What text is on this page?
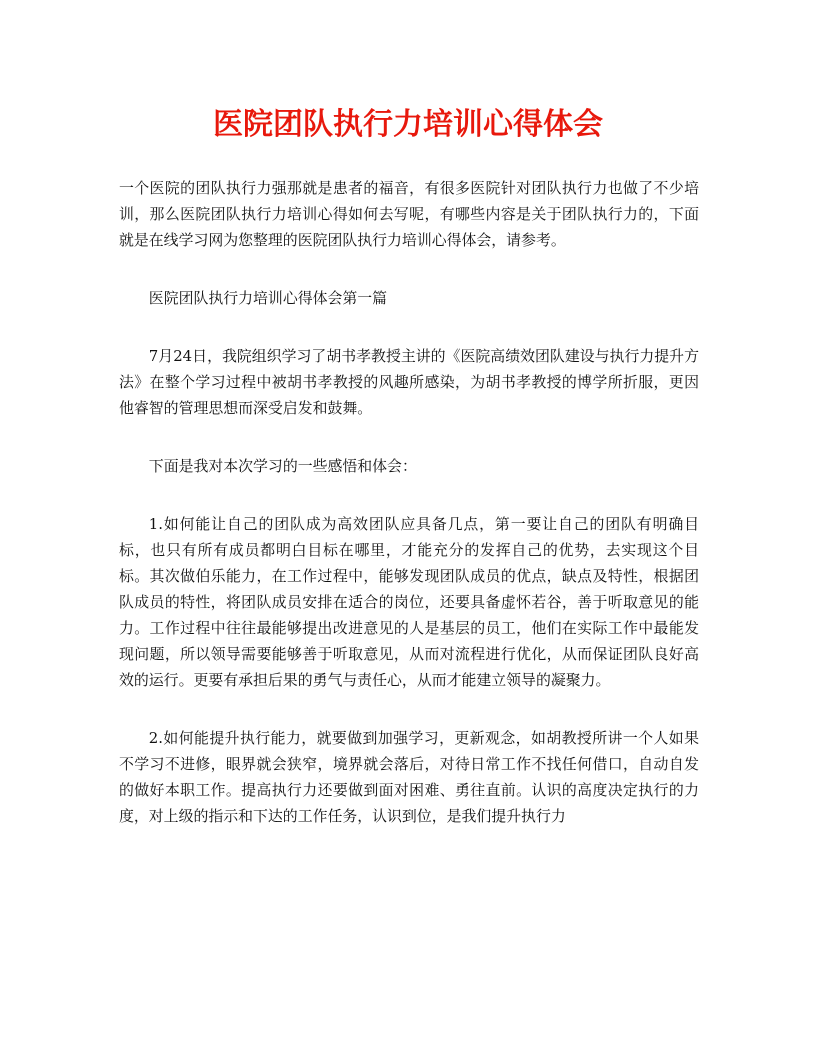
医院团队执行力培训心得体会

一个医院的团队执行力强那就是患者的福音，有很多医院针对团队执行力也做了不少培训，那么医院团队执行力培训心得如何去写呢，有哪些内容是关于团队执行力的，下面就是在线学习网为您整理的医院团队执行力培训心得体会，请参考。

医院团队执行力培训心得体会第一篇

7月24日，我院组织学习了胡书孝教授主讲的《医院高绩效团队建设与执行力提升方法》在整个学习过程中被胡书孝教授的风趣所感染，为胡书孝教授的博学所折服，更因他睿智的管理思想而深受启发和鼓舞。

下面是我对本次学习的一些感悟和体会：

1.如何能让自己的团队成为高效团队应具备几点，第一要让自己的团队有明确目标，也只有所有成员都明白目标在哪里，才能充分的发挥自己的优势，去实现这个目标。其次做伯乐能力，在工作过程中，能够发现团队成员的优点，缺点及特性，根据团队成员的特性，将团队成员安排在适合的岗位，还要具备虚怀若谷，善于听取意见的能力。工作过程中往往最能够提出改进意见的人是基层的员工，他们在实际工作中最能发现问题，所以领导需要能够善于听取意见，从而对流程进行优化，从而保证团队良好高效的运行。更要有承担后果的勇气与责任心，从而才能建立领导的凝聚力。

2.如何能提升执行能力，就要做到加强学习，更新观念，如胡教授所讲一个人如果不学习不进修，眼界就会狭窄，境界就会落后，对待日常工作不找任何借口，自动自发的做好本职工作。提高执行力还要做到面对困难、勇往直前。认识的高度决定执行的力度，对上级的指示和下达的工作任务，认识到位，是我们提升执行力
